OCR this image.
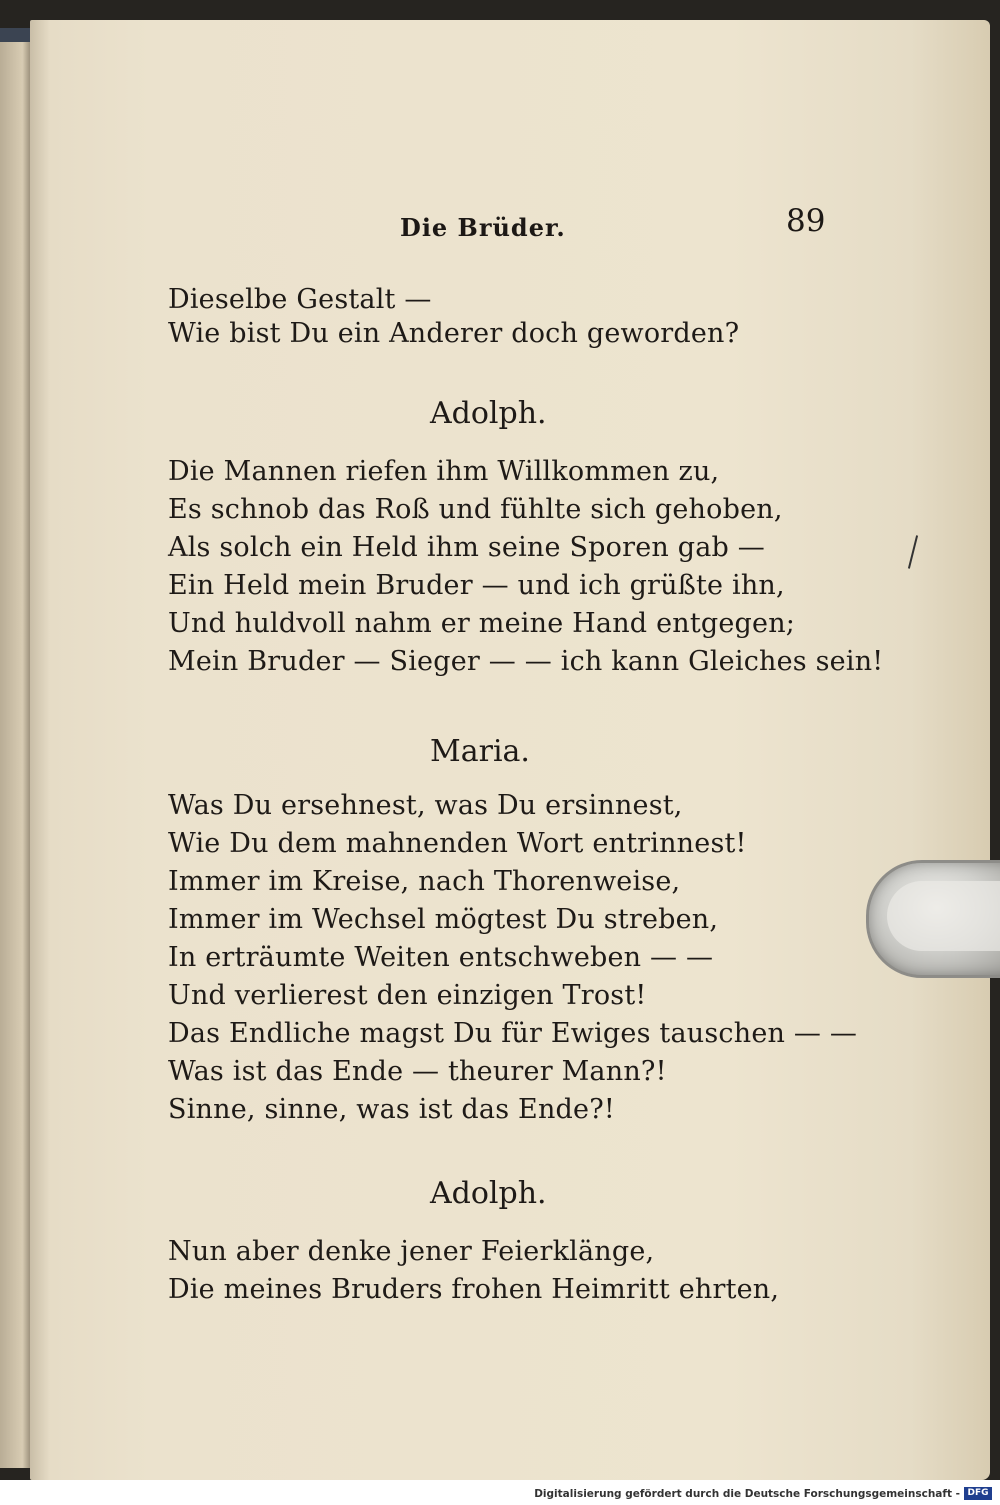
Die Brüder.	89
Dieselbe Gestalt —
Wie bist Du ein Anderer doch geworden?
Adolph.
Die Mannen riefen ihm Willkommen zu,
Es schnob das Roß und fühlte sich gehoben,
Als solch ein Held ihm seine Sporen gab —
Ein Held mein Bruder — und ich grüßte ihn,
Und huldvoll nahm er meine Hand entgegen;
Mein Bruder — Sieger — — ich kann Gleiches sein!
Maria.
Was Du ersehnest, was Du ersinnest,
Wie Du dem mahnenden Wort entrinnest!
Immer im Kreise, nach Thorenweise,
Immer im Wechsel mögtest Du streben,
In erträumte Weiten entschweben — —
Und verlierest den einzigen Trost!
Das Endliche magst Du für Ewiges tauschen — —
Was ist das Ende — theurer Mann?!
Sinne, sinne, was ist das Ende?!
Adolph.
Nun aber denke jener Feierklänge,
Die meines Bruders frohen Heimritt ehrten,
Digitalisierung gefördert durch die Deutsche Forschungsgemeinschaft - DFG
